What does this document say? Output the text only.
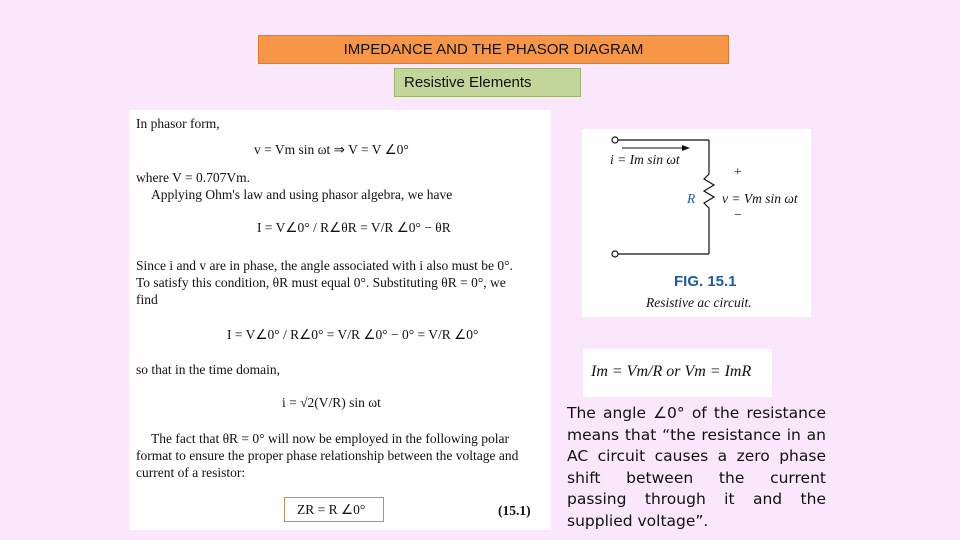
IMPEDANCE AND THE PHASOR DIAGRAM
Resistive Elements
In phasor form,
v = Vm sin ωt ⇒ V = V ∠0°
where V = 0.707Vm.
Applying Ohm's law and using phasor algebra, we have
I = V∠0° / R∠θR = V/R ∠0° − θR
Since i and v are in phase, the angle associated with i also must be 0°.
To satisfy this condition, θR must equal 0°. Substituting θR = 0°, we
find
I = V∠0° / R∠0° = V/R ∠0° − 0° = V/R ∠0°
so that in the time domain,
i = √2(V/R) sin ωt
The fact that θR = 0° will now be employed in the following polar
format to ensure the proper phase relationship between the voltage and
current of a resistor:
ZR = R ∠0°	(15.1)
i = Im sin ωt
+
R v = Vm sin ωt
−
FIG. 15.1
Resistive ac circuit.
Im = Vm/R or Vm = ImR
The angle ∠0° of the resistance means that “the resistance in an AC circuit causes a zero phase shift between the current passing through it and the supplied voltage”.
